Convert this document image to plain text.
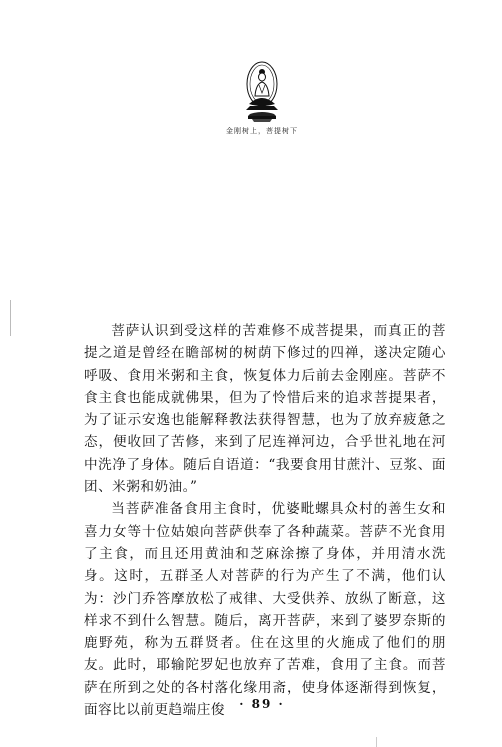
金刚树上，菩提树下

菩萨认识到受这样的苦难修不成菩提果，而真正的菩提之道是曾经在瞻部树的树荫下修过的四禅，遂决定随心呼吸、食用米粥和主食，恢复体力后前去金刚座。菩萨不食主食也能成就佛果，但为了怜惜后来的追求菩提果者，为了证示安逸也能解释教法获得智慧，也为了放弃疲惫之态，便收回了苦修，来到了尼连禅河边，合乎世礼地在河中洗净了身体。随后自语道：“我要食用甘蔗汁、豆浆、面团、米粥和奶油。”

当菩萨准备食用主食时，优婆毗螺具众村的善生女和喜力女等十位姑娘向菩萨供奉了各种蔬菜。菩萨不光食用了主食，而且还用黄油和芝麻涂擦了身体，并用清水洗身。这时，五群圣人对菩萨的行为产生了不满，他们认为：沙门乔答摩放松了戒律、大受供养、放纵了断意，这样求不到什么智慧。随后，离开菩萨，来到了婆罗奈斯的鹿野苑，称为五群贤者。住在这里的火施成了他们的朋友。此时，耶输陀罗妃也放弃了苦难，食用了主食。而菩萨在所到之处的各村落化缘用斋，使身体逐渐得到恢复，面容比以前更趋端庄俊	· 89 ·
